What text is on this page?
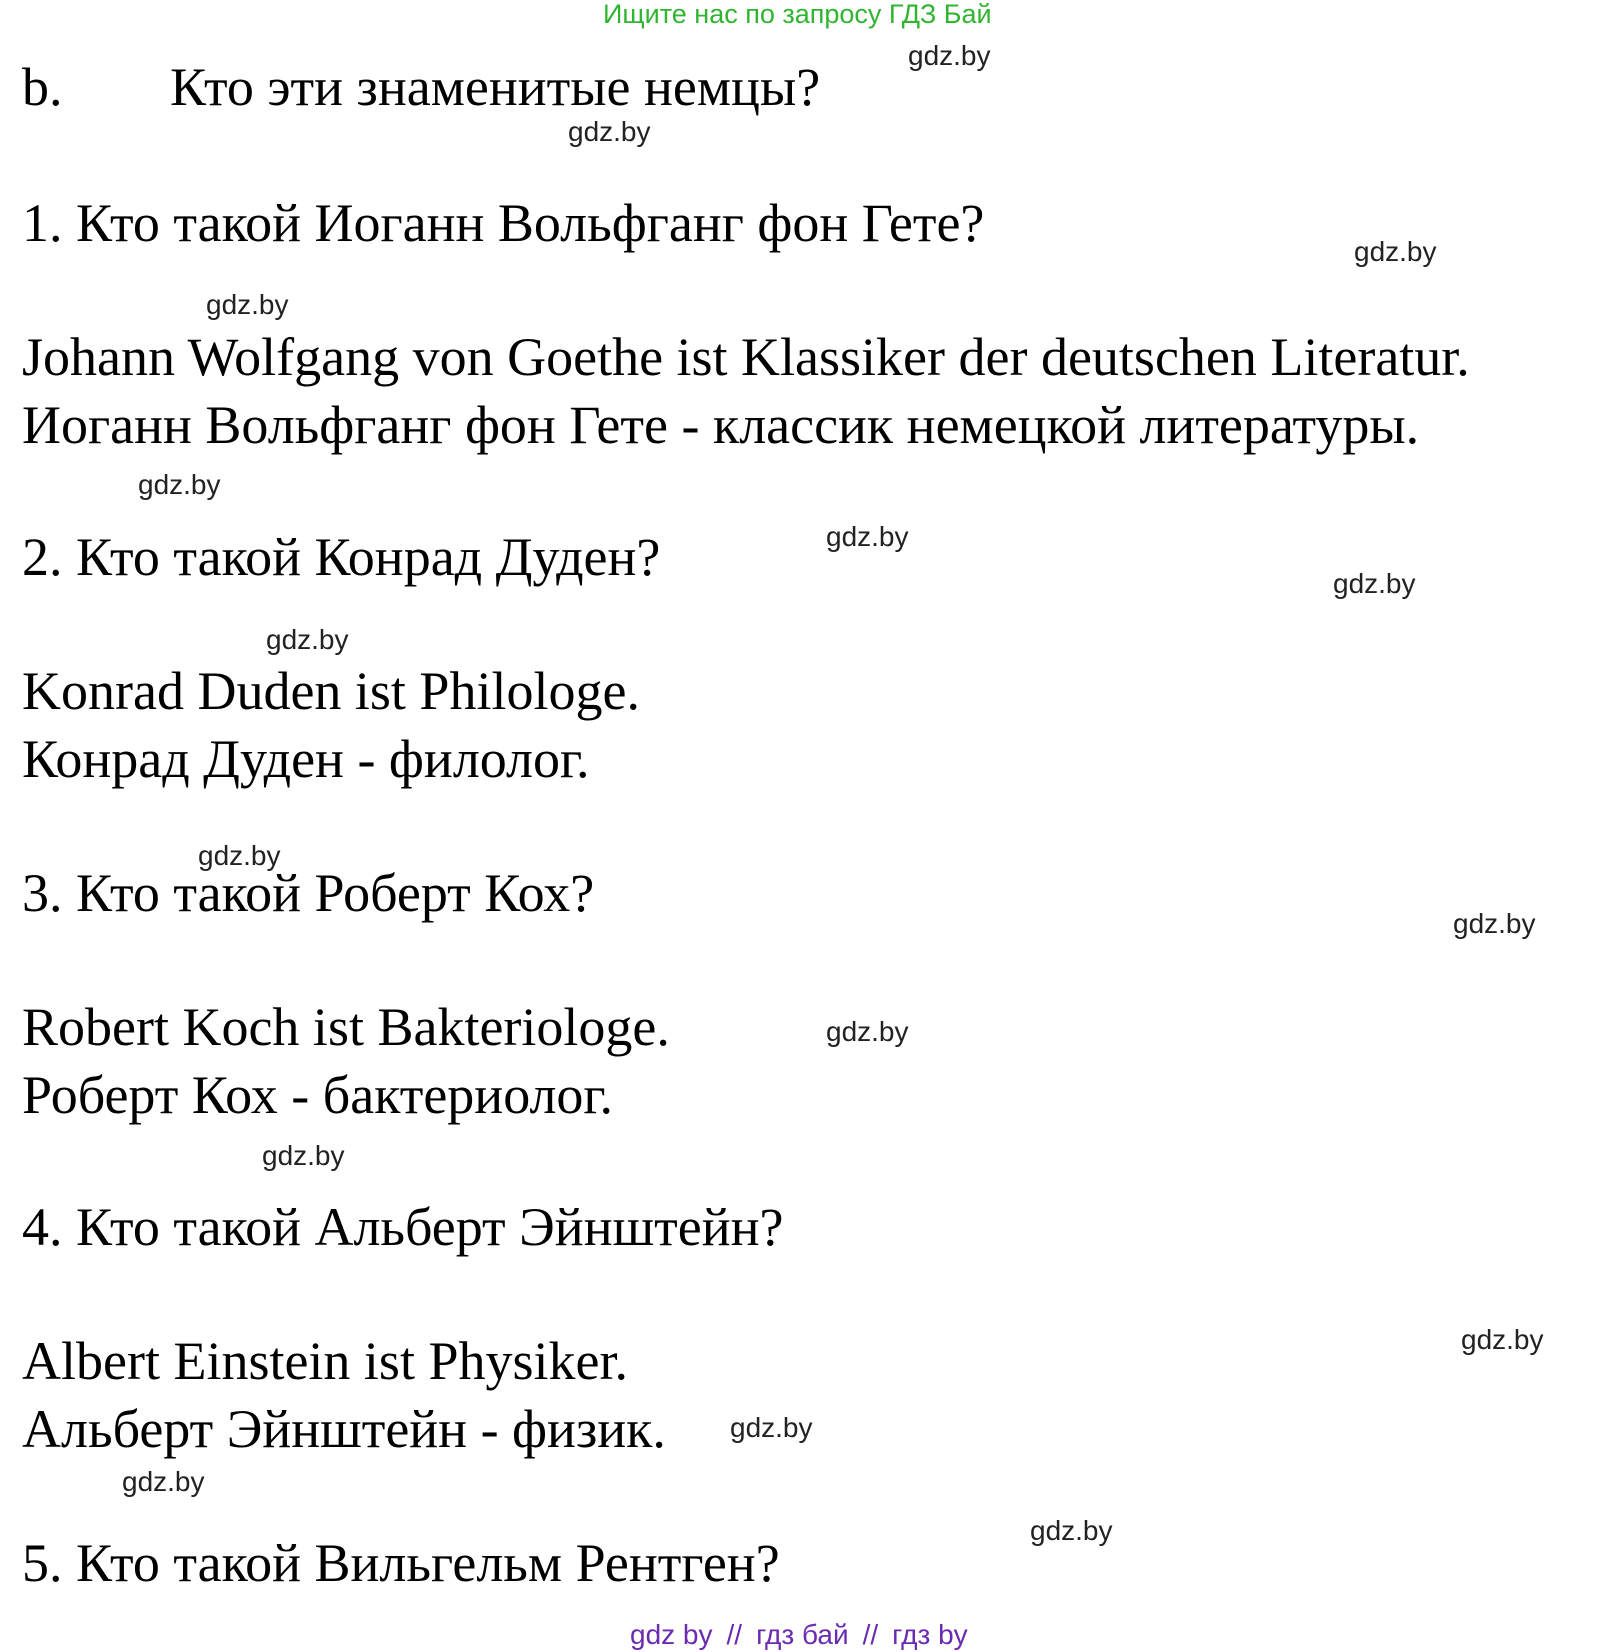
Ищите нас по запросу ГДЗ Бай
b. Кто эти знаменитые немцы?
1. Кто такой Иоганн Вольфганг фон Гете?
Johann Wolfgang von Goethe ist Klassiker der deutschen Literatur.
Иоганн Вольфганг фон Гете - классик немецкой литературы.
2. Кто такой Конрад Дуден?
Konrad Duden ist Philologe.
Конрад Дуден - филолог.
3. Кто такой Роберт Кох?
Robert Koch ist Bakteriologe.
Роберт Кох - бактериолог.
4. Кто такой Альберт Эйнштейн?
Albert Einstein ist Physiker.
Альберт Эйнштейн - физик.
5. Кто такой Вильгельм Рентген?
gdz.by
gdz.by
gdz.by
gdz.by
gdz.by
gdz.by
gdz.by
gdz.by
gdz.by
gdz.by
gdz.by
gdz.by
gdz.by
gdz.by
gdz.by
gdz.by
gdz by // гдз бай // гдз by
